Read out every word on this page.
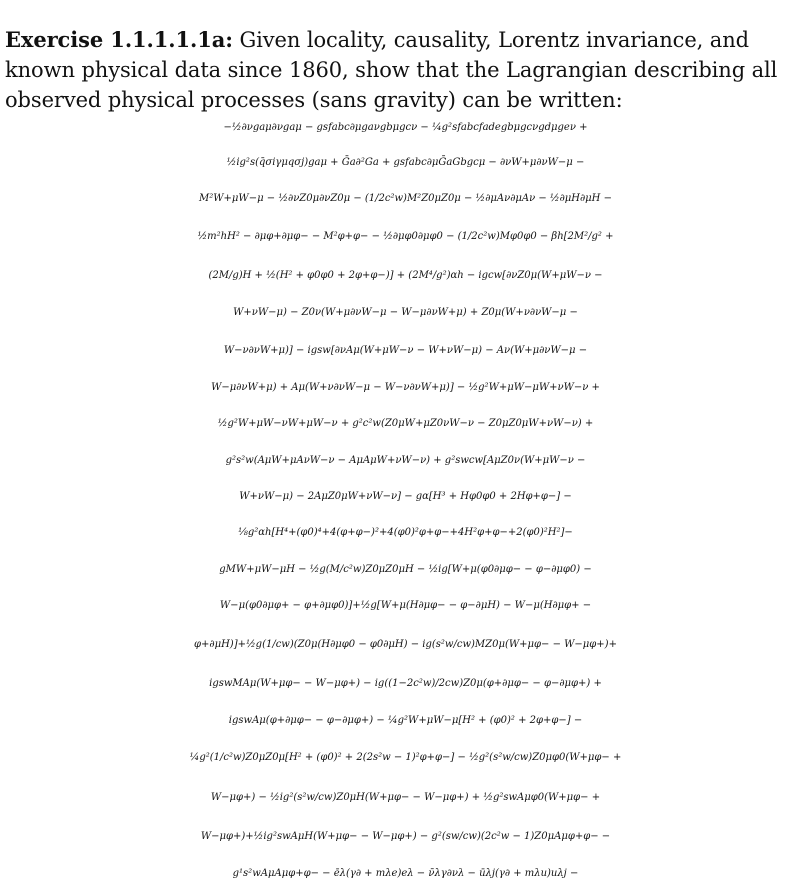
Exercise 1.1.1.1.1a: Given locality, causality, Lorentz invariance, and known physical data since 1860, show that the Lagrangian describing all observed physical processes (sans gravity) can be written:

−½∂νgaμ∂νgaμ − gsfabc∂μgaνgbμgcν − ¼g²sfabcfadegbμgcνgdμgeν +
½ig²s(q̄σiγμqσj)gaμ + Ḡa∂²Ga + gsfabc∂μḠaGbgcμ − ∂νW+μ∂νW−μ −
M²W+μW−μ − ½∂νZ0μ∂νZ0μ − (1/2c²w)M²Z0μZ0μ − ½∂μAν∂μAν − ½∂μH∂μH −
½m²hH² − ∂μφ+∂μφ− − M²φ+φ− − ½∂μφ0∂μφ0 − (1/2c²w)Mφ0φ0 − βh[2M²/g² +
(2M/g)H + ½(H² + φ0φ0 + 2φ+φ−)] + (2M⁴/g²)αh − igcw[∂νZ0μ(W+μW−ν −
W+νW−μ) − Z0ν(W+μ∂νW−μ − W−μ∂νW+μ) + Z0μ(W+ν∂νW−μ −
W−ν∂νW+μ)] − igsw[∂νAμ(W+μW−ν − W+νW−μ) − Aν(W+μ∂νW−μ −
W−μ∂νW+μ) + Aμ(W+ν∂νW−μ − W−ν∂νW+μ)] − ½g²W+μW−μW+νW−ν +
½g²W+μW−νW+μW−ν + g²c²w(Z0μW+μZ0νW−ν − Z0μZ0μW+νW−ν) +
g²s²w(AμW+μAνW−ν − AμAμW+νW−ν) + g²swcw[AμZ0ν(W+μW−ν −
W+νW−μ) − 2AμZ0μW+νW−ν] − gα[H³ + Hφ0φ0 + 2Hφ+φ−] −
⅛g²αh[H⁴+(φ0)⁴+4(φ+φ−)²+4(φ0)²φ+φ−+4H²φ+φ−+2(φ0)²H²]−
gMW+μW−μH − ½g(M/c²w)Z0μZ0μH − ½ig[W+μ(φ0∂μφ− − φ−∂μφ0) −
W−μ(φ0∂μφ+ − φ+∂μφ0)]+½g[W+μ(H∂μφ− − φ−∂μH) − W−μ(H∂μφ+ −
φ+∂μH)]+½g(1/cw)(Z0μ(H∂μφ0 − φ0∂μH) − ig(s²w/cw)MZ0μ(W+μφ− − W−μφ+)+
igswMAμ(W+μφ− − W−μφ+) − ig((1−2c²w)/2cw)Z0μ(φ+∂μφ− − φ−∂μφ+) +
igswAμ(φ+∂μφ− − φ−∂μφ+) − ¼g²W+μW−μ[H² + (φ0)² + 2φ+φ−] −
¼g²(1/c²w)Z0μZ0μ[H² + (φ0)² + 2(2s²w − 1)²φ+φ−] − ½g²(s²w/cw)Z0μφ0(W+μφ− +
W−μφ+) − ½ig²(s²w/cw)Z0μH(W+μφ− − W−μφ+) + ½g²swAμφ0(W+μφ− +
W−μφ+)+½ig²swAμH(W+μφ− − W−μφ+) − g²(sw/cw)(2c²w − 1)Z0μAμφ+φ− −
g¹s²wAμAμφ+φ− − ēλ(γ∂ + mλe)eλ − ν̄λγ∂νλ − ūλj(γ∂ + mλu)uλj −
